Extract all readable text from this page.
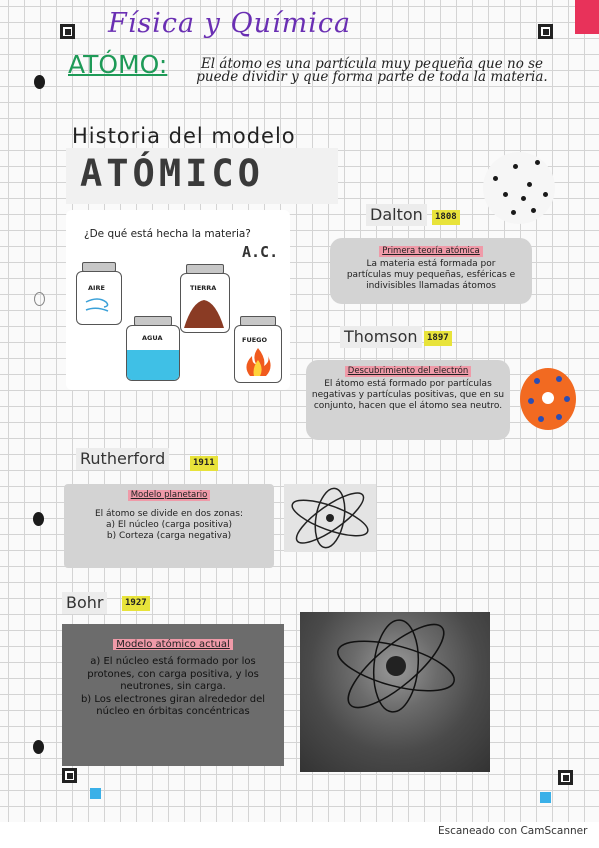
Física y Química
ATÓMO:	El átomo es una partícula muy pequeña que no se puede dividir y que forma parte de toda la materia.
Historia del modelo
ATÓMICO
¿De qué está hecha la materia?
A.C.
AIRE	TIERRA
AGUA	FUEGO
Dalton	1808
Primera teoría atómica
La materia está formada por partículas muy pequeñas, esféricas e indivisibles llamadas átomos
Thomson	1897
Descubrimiento del electrón
El átomo está formado por partículas negativas y partículas positivas, que en su conjunto, hacen que el átomo sea neutro.
Rutherford	1911
Modelo planetario
El átomo se divide en dos zonas:
a) El núcleo (carga positiva)
b) Corteza (carga negativa)
Bohr	1927
Modelo atómico actual
a) El núcleo está formado por los protones, con carga positiva, y los neutrones, sin carga.
b) Los electrones giran alrededor del núcleo en órbitas concéntricas
Escaneado con CamScanner
